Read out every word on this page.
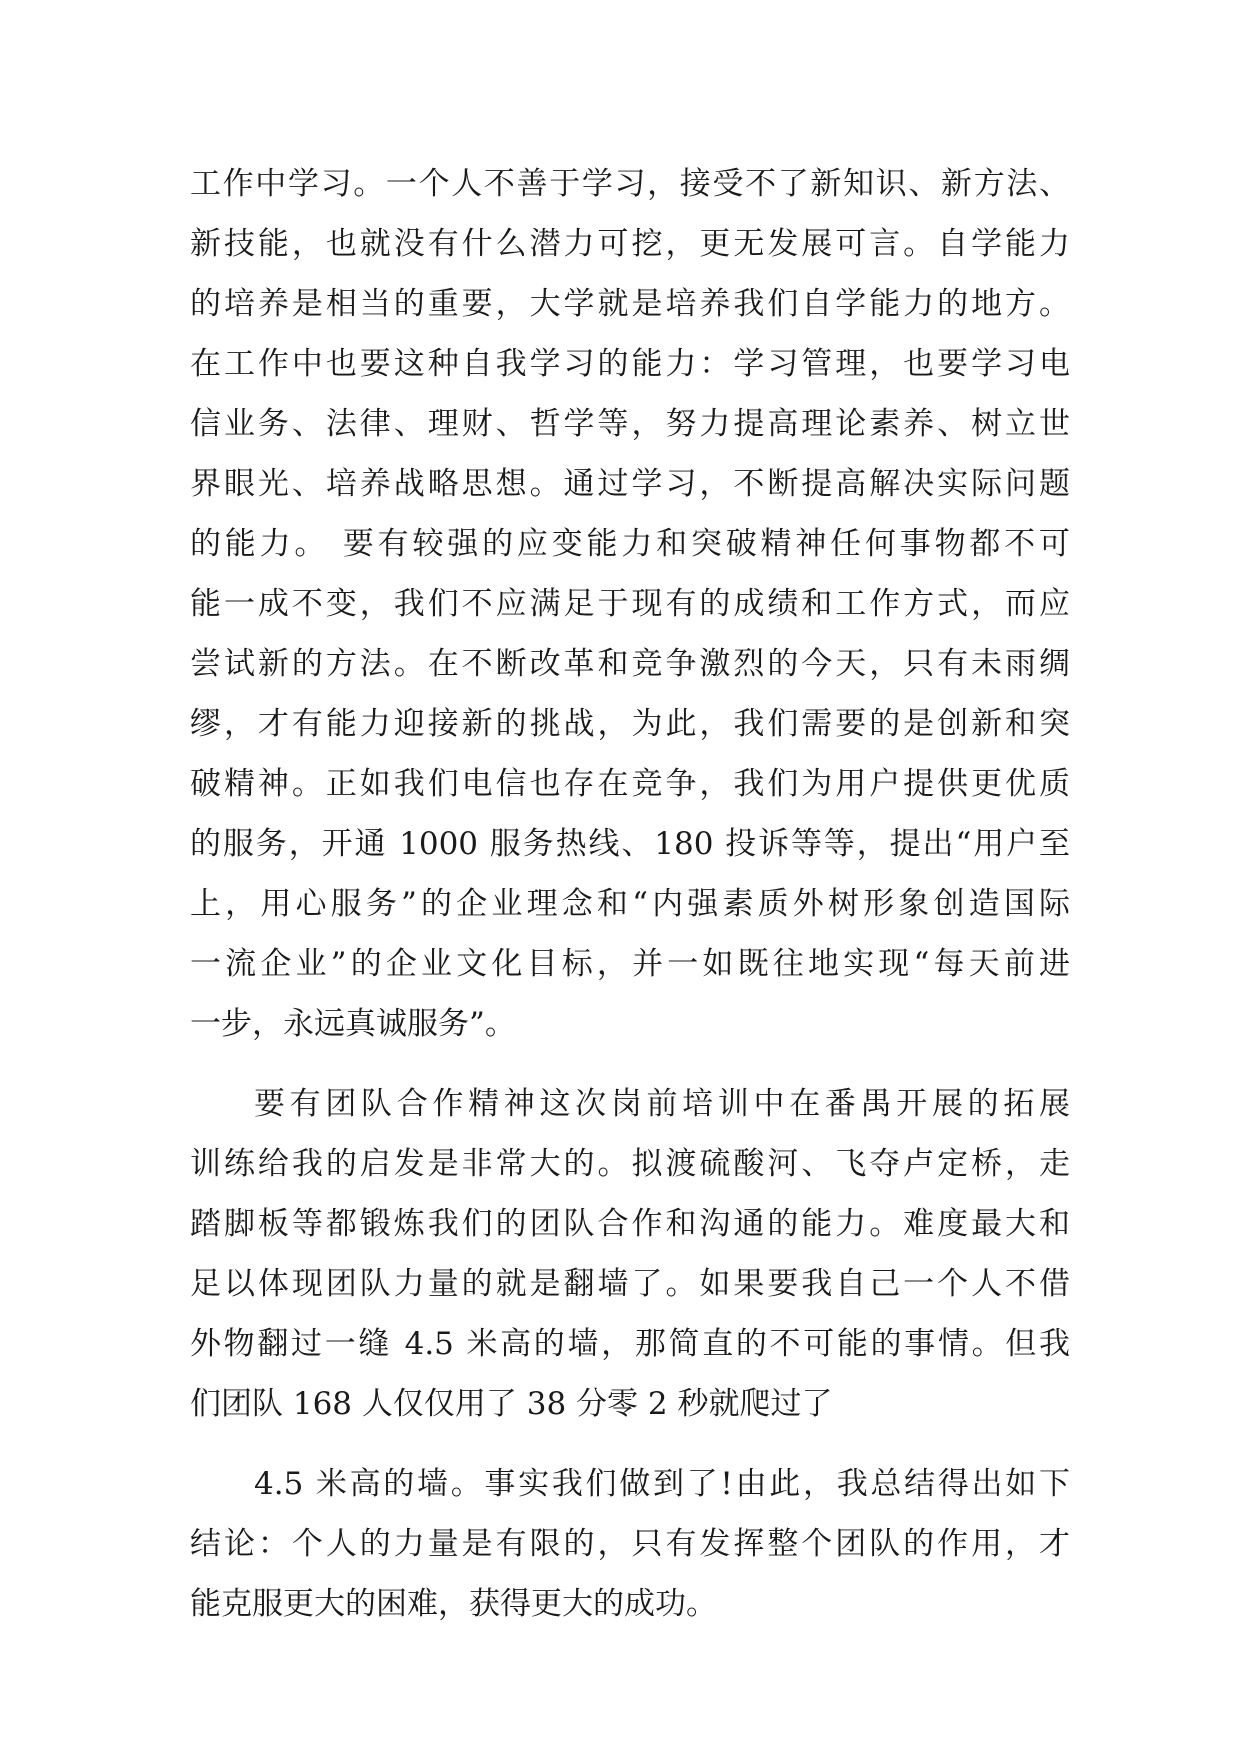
工作中学习。一个人不善于学习，接受不了新知识、新方法、
新技能，也就没有什么潜力可挖，更无发展可言。自学能力
的培养是相当的重要，大学就是培养我们自学能力的地方。
在工作中也要这种自我学习的能力：学习管理，也要学习电
信业务、法律、理财、哲学等，努力提高理论素养、树立世
界眼光、培养战略思想。通过学习，不断提高解决实际问题
的能力。 要有较强的应变能力和突破精神任何事物都不可
能一成不变，我们不应满足于现有的成绩和工作方式，而应
尝试新的方法。在不断改革和竞争激烈的今天，只有未雨绸
缪，才有能力迎接新的挑战，为此，我们需要的是创新和突
破精神。正如我们电信也存在竞争，我们为用户提供更优质
的服务，开通 1000 服务热线、180 投诉等等，提出“用户至
上，用心服务”的企业理念和“内强素质外树形象创造国际
一流企业”的企业文化目标，并一如既往地实现“每天前进
一步，永远真诚服务”。
要有团队合作精神这次岗前培训中在番禺开展的拓展
训练给我的启发是非常大的。拟渡硫酸河、飞夺卢定桥，走
踏脚板等都锻炼我们的团队合作和沟通的能力。难度最大和
足以体现团队力量的就是翻墙了。如果要我自己一个人不借
外物翻过一缝 4.5 米高的墙，那简直的不可能的事情。但我
们团队 168 人仅仅用了 38 分零 2 秒就爬过了
4.5 米高的墙。事实我们做到了!由此，我总结得出如下
结论：个人的力量是有限的，只有发挥整个团队的作用，才
能克服更大的困难，获得更大的成功。
